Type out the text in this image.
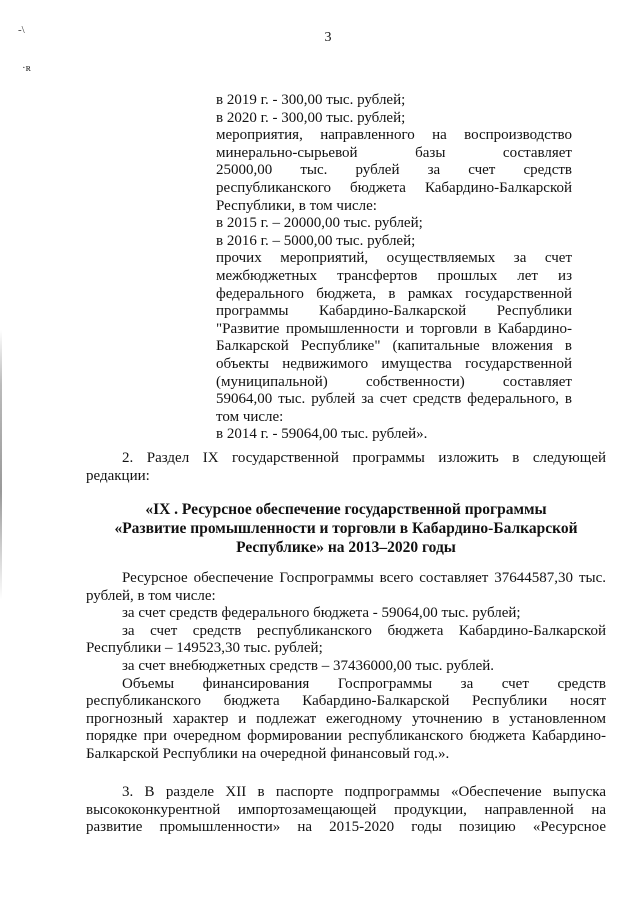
3
-\
·ʀ
в 2019 г. - 300,00 тыс. рублей;
в 2020 г. - 300,00 тыс. рублей;
мероприятия, направленного на воспроизводство
минерально-сырьевой базы составляет
25000,00 тыс. рублей за счет средств
республиканского бюджета Кабардино-Балкарской
Республики, в том числе:
в 2015 г. – 20000,00 тыс. рублей;
в 2016 г. – 5000,00 тыс. рублей;
прочих мероприятий, осуществляемых за счет
межбюджетных трансфертов прошлых лет из
федерального бюджета, в рамках государственной
программы Кабардино-Балкарской Республики
"Развитие промышленности и торговли в Кабардино-
Балкарской Республике" (капитальные вложения в
объекты недвижимого имущества государственной
(муниципальной) собственности) составляет
59064,00 тыс. рублей за счет средств федерального, в
том числе:
в 2014 г. - 59064,00 тыс. рублей».
2. Раздел IX государственной программы изложить в следующей
редакции:
«IX . Ресурсное обеспечение государственной программы
«Развитие промышленности и торговли в Кабардино-Балкарской
Республике» на 2013–2020 годы
Ресурсное обеспечение Госпрограммы всего составляет 37644587,30 тыс.
рублей, в том числе:
за счет средств федерального бюджета - 59064,00 тыс. рублей;
за счет средств республиканского бюджета Кабардино-Балкарской
Республики – 149523,30 тыс. рублей;
за счет внебюджетных средств – 37436000,00 тыс. рублей.
Объемы финансирования Госпрограммы за счет средств
республиканского бюджета Кабардино-Балкарской Республики носят
прогнозный характер и подлежат ежегодному уточнению в установленном
порядке при очередном формировании республиканского бюджета Кабардино-
Балкарской Республики на очередной финансовый год.».
3. В разделе XII в паспорте подпрограммы «Обеспечение выпуска
высококонкурентной импортозамещающей продукции, направленной на
развитие промышленности» на 2015-2020 годы позицию «Ресурсное
